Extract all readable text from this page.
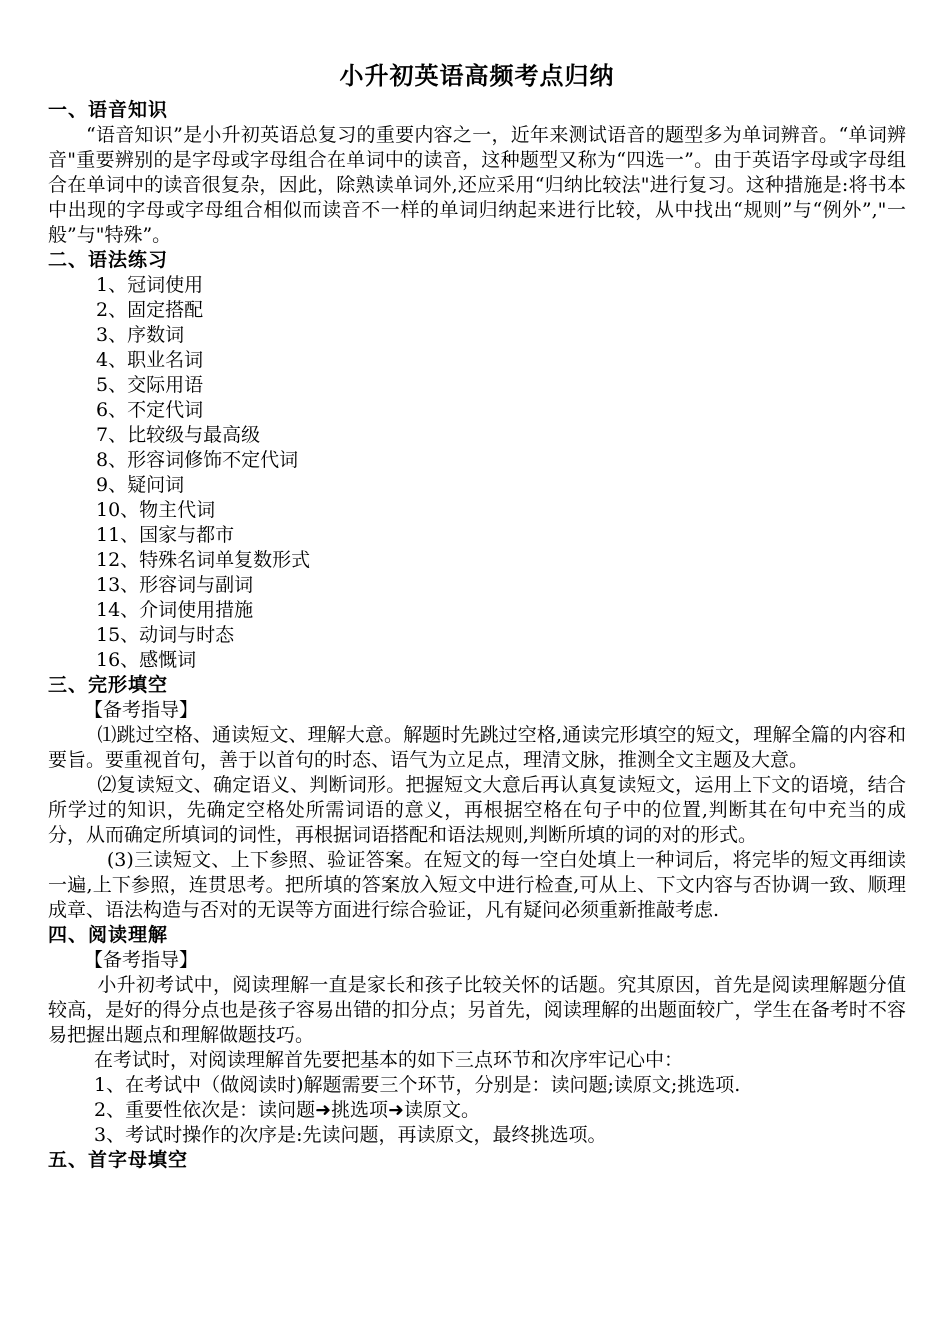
小升初英语高频考点归纳
一、语音知识

“语音知识”是小升初英语总复习的重要内容之一，近年来测试语音的题型多为单词辨音。“单词辨音"重要辨别的是字母或字母组合在单词中的读音，这种题型又称为“四选一”。由于英语字母或字母组合在单词中的读音很复杂，因此，除熟读单词外,还应采用“归纳比较法"进行复习。这种措施是:将书本中出现的字母或字母组合相似而读音不一样的单词归纳起来进行比较，从中找出“规则”与“例外”,"一般”与"特殊”。

二、语法练习
1、冠词使用
2、固定搭配
3、序数词
4、职业名词
5、交际用语
6、不定代词
7、比较级与最高级
8、形容词修饰不定代词
9、疑问词
10、物主代词
11、国家与都市
12、特殊名词单复数形式
13、形容词与副词
14、介词使用措施
15、动词与时态
16、感慨词
三、完形填空

【备考指导】

⑴跳过空格、通读短文、理解大意。解题时先跳过空格,通读完形填空的短文，理解全篇的内容和要旨。要重视首句，善于以首句的时态、语气为立足点，理清文脉，推测全文主题及大意。

⑵复读短文、确定语义、判断词形。把握短文大意后再认真复读短文，运用上下文的语境，结合所学过的知识，先确定空格处所需词语的意义，再根据空格在句子中的位置,判断其在句中充当的成分，从而确定所填词的词性，再根据词语搭配和语法规则,判断所填的词的对的形式。

(3)三读短文、上下参照、验证答案。在短文的每一空白处填上一种词后，将完毕的短文再细读一遍,上下参照，连贯思考。把所填的答案放入短文中进行检查,可从上、下文内容与否协调一致、顺理成章、语法构造与否对的无误等方面进行综合验证，凡有疑问必须重新推敲考虑.

四、阅读理解

【备考指导】

小升初考试中，阅读理解一直是家长和孩子比较关怀的话题。究其原因，首先是阅读理解题分值较高，是好的得分点也是孩子容易出错的扣分点；另首先，阅读理解的出题面较广，学生在备考时不容易把握出题点和理解做题技巧。

在考试时，对阅读理解首先要把基本的如下三点环节和次序牢记心中：

1、在考试中（做阅读时)解题需要三个环节，分别是：读问题;读原文;挑选项.

2、重要性依次是：读问题➜挑选项➜读原文。

3、考试时操作的次序是:先读问题，再读原文，最终挑选项。

五、首字母填空
